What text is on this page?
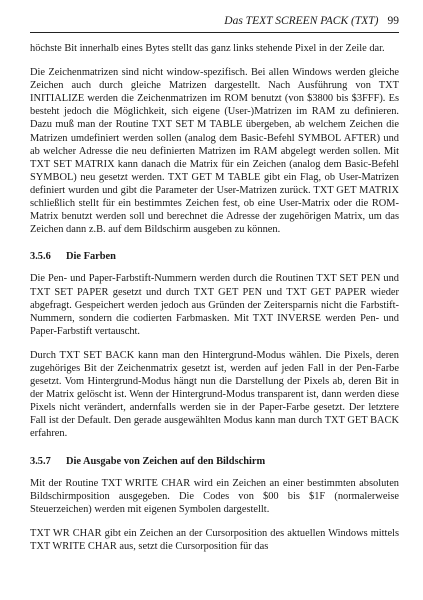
Das TEXT SCREEN PACK (TXT) 99

höchste Bit innerhalb eines Bytes stellt das ganz links stehende Pixel in der Zeile dar.

Die Zeichenmatrizen sind nicht window-spezifisch. Bei allen Windows werden gleiche Zeichen auch durch gleiche Matrizen dargestellt. Nach Ausführung von TXT INITIALIZE werden die Zeichenmatrizen im ROM benutzt (von $3800 bis $3FFF). Es besteht jedoch die Möglichkeit, sich eigene (User-)Matrizen im RAM zu definieren. Dazu muß man der Routine TXT SET M TABLE übergeben, ab welchem Zeichen die Matrizen umdefiniert werden sollen (analog dem Basic-Befehl SYMBOL AFTER) und ab welcher Adresse die neu definierten Matrizen im RAM abgelegt werden sollen. Mit TXT SET MATRIX kann danach die Matrix für ein Zeichen (analog dem Basic-Befehl SYMBOL) neu gesetzt werden. TXT GET M TABLE gibt ein Flag, ob User-Matrizen definiert wurden und gibt die Parameter der User-Matrizen zurück. TXT GET MATRIX schließlich stellt für ein bestimmtes Zeichen fest, ob eine User-Matrix oder die ROM-Matrix benutzt werden soll und berechnet die Adresse der zugehörigen Matrix, um das Zeichen dann z.B. auf dem Bildschirm ausgeben zu können.

3.5.6 Die Farben

Die Pen- und Paper-Farbstift-Nummern werden durch die Routinen TXT SET PEN und TXT SET PAPER gesetzt und durch TXT GET PEN und TXT GET PAPER wieder abgefragt. Gespeichert werden jedoch aus Gründen der Zeitersparnis nicht die Farbstift-Nummern, sondern die codierten Farbmasken. Mit TXT INVERSE werden Pen- und Paper-Farbstift vertauscht.

Durch TXT SET BACK kann man den Hintergrund-Modus wählen. Die Pixels, deren zugehöriges Bit der Zeichenmatrix gesetzt ist, werden auf jeden Fall in der Pen-Farbe gesetzt. Vom Hintergrund-Modus hängt nun die Darstellung der Pixels ab, deren Bit in der Matrix gelöscht ist. Wenn der Hintergrund-Modus transparent ist, dann werden diese Pixels nicht verändert, andernfalls werden sie in der Paper-Farbe gesetzt. Der letztere Fall ist der Default. Den gerade ausgewählten Modus kann man durch TXT GET BACK erfahren.

3.5.7 Die Ausgabe von Zeichen auf den Bildschirm

Mit der Routine TXT WRITE CHAR wird ein Zeichen an einer bestimmten absoluten Bildschirmposition ausgegeben. Die Codes von $00 bis $1F (normalerweise Steuerzeichen) werden mit eigenen Symbolen dargestellt.

TXT WR CHAR gibt ein Zeichen an der Cursorposition des aktuellen Windows mittels TXT WRITE CHAR aus, setzt die Cursorposition für das
